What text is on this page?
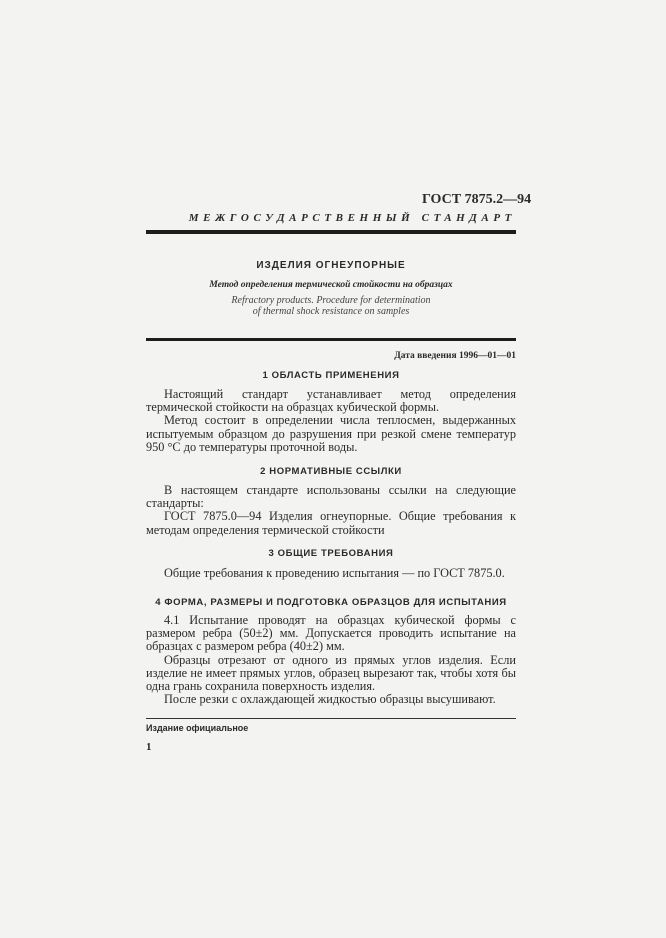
ГОСТ 7875.2—94
МЕЖГОСУДАРСТВЕННЫЙ СТАНДАРТ
ИЗДЕЛИЯ ОГНЕУПОРНЫЕ
Метод определения термической стойкости на образцах
Refractory products. Procedure for determination
of thermal shock resistance on samples
Дата введения 1996—01—01
1 ОБЛАСТЬ ПРИМЕНЕНИЯ

Настоящий стандарт устанавливает метод определения термической стойкости на образцах кубической формы.

Метод состоит в определении числа теплосмен, выдержанных испытуемым образцом до разрушения при резкой смене температур 950 °С до температуры проточной воды.

2 НОРМАТИВНЫЕ ССЫЛКИ

В настоящем стандарте использованы ссылки на следующие стандарты:

ГОСТ 7875.0—94 Изделия огнеупорные. Общие требования к методам определения термической стойкости

3 ОБЩИЕ ТРЕБОВАНИЯ

Общие требования к проведению испытания — по ГОСТ 7875.0.

4 ФОРМА, РАЗМЕРЫ И ПОДГОТОВКА ОБРАЗЦОВ ДЛЯ ИСПЫТАНИЯ

4.1 Испытание проводят на образцах кубической формы с размером ребра (50±2) мм. Допускается проводить испытание на образцах с размером ребра (40±2) мм.

Образцы отрезают от одного из прямых углов изделия. Если изделие не имеет прямых углов, образец вырезают так, чтобы хотя бы одна грань сохранила поверхность изделия.

После резки с охлаждающей жидкостью образцы высушивают.

Издание официальное
1
